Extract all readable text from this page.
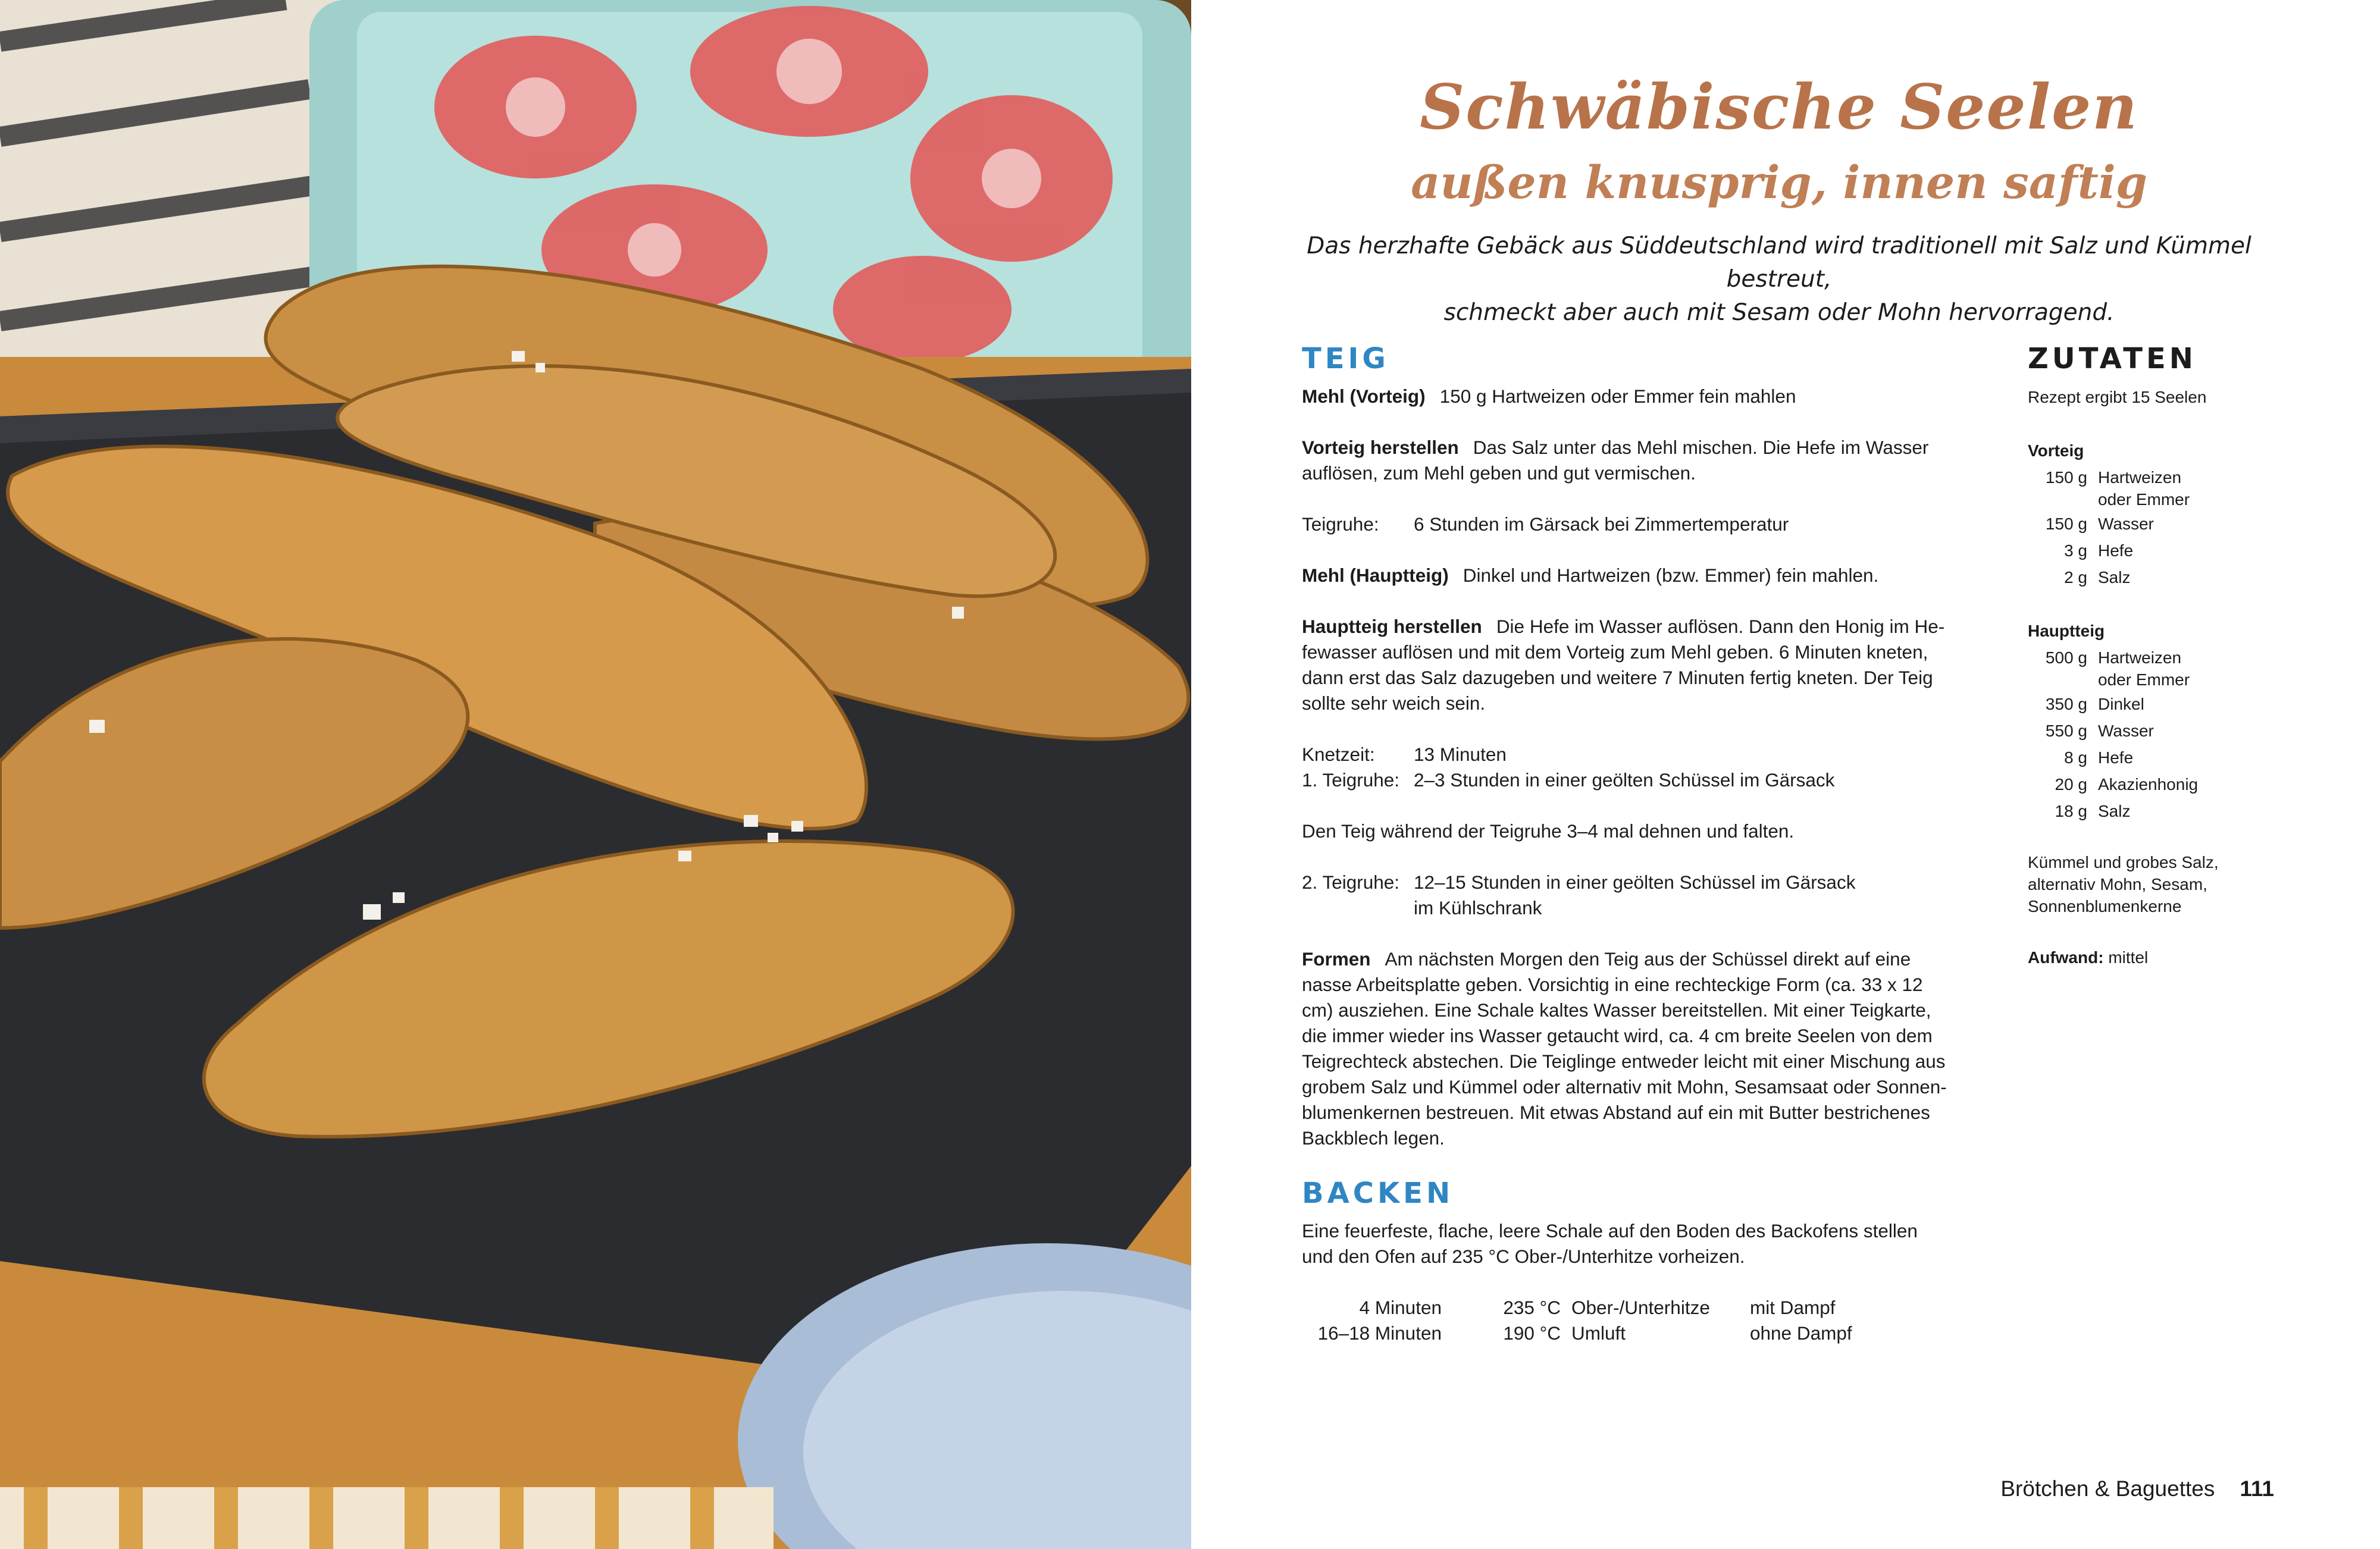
Schwäbische Seelen
außen knusprig, innen saftig

Das herzhafte Gebäck aus Süddeutschland wird traditionell mit Salz und Kümmel bestreut,
schmeckt aber auch mit Sesam oder Mohn hervorragend.

TEIG

Mehl (Vorteig) 150 g Hartweizen oder Emmer fein mahlen

Vorteig herstellen Das Salz unter das Mehl mischen. Die Hefe im Wasser
auflösen, zum Mehl geben und gut vermischen.

Teigruhe:	6 Stunden im Gärsack bei Zimmertemperatur

Mehl (Hauptteig) Dinkel und Hartweizen (bzw. Emmer) fein mahlen.

Hauptteig herstellen Die Hefe im Wasser auflösen. Dann den Honig im He-
fewasser auflösen und mit dem Vorteig zum Mehl geben. 6 Minuten kneten,
dann erst das Salz dazugeben und weitere 7 Minuten fertig kneten. Der Teig
sollte sehr weich sein.

Knetzeit:	13 Minuten
1. Teigruhe: 2–3 Stunden in einer geölten Schüssel im Gärsack

Den Teig während der Teigruhe 3–4 mal dehnen und falten.

2. Teigruhe: 12–15 Stunden in einer geölten Schüssel im Gärsack
im Kühlschrank

Formen Am nächsten Morgen den Teig aus der Schüssel direkt auf eine
nasse Arbeitsplatte geben. Vorsichtig in eine rechteckige Form (ca. 33 x 12
cm) ausziehen. Eine Schale kaltes Wasser bereitstellen. Mit einer Teigkarte,
die immer wieder ins Wasser getaucht wird, ca. 4 cm breite Seelen von dem
Teigrechteck abstechen. Die Teiglinge entweder leicht mit einer Mischung aus
grobem Salz und Kümmel oder alternativ mit Mohn, Sesamsaat oder Sonnen-
blumenkernen bestreuen. Mit etwas Abstand auf ein mit Butter bestrichenes
Backblech legen.

BACKEN

Eine feuerfeste, flache, leere Schale auf den Boden des Backofens stellen
und den Ofen auf 235 °C Ober-/Unterhitze vorheizen.

4 Minuten	235 °C Ober-/Unterhitze	mit Dampf
16–18 Minuten	190 °C Umluft	ohne Dampf
ZUTATEN
Rezept ergibt 15 Seelen
Vorteig
150 g Hartweizen
oder Emmer
150 g Wasser
3 g Hefe
2 g Salz
Hauptteig
500 g Hartweizen
oder Emmer
350 g Dinkel
550 g Wasser
8 g Hefe
20 g Akazienhonig
18 g Salz
Kümmel und grobes Salz,
alternativ Mohn, Sesam,
Sonnenblumenkerne
Aufwand: mittel
Brötchen & Baguettes 111
